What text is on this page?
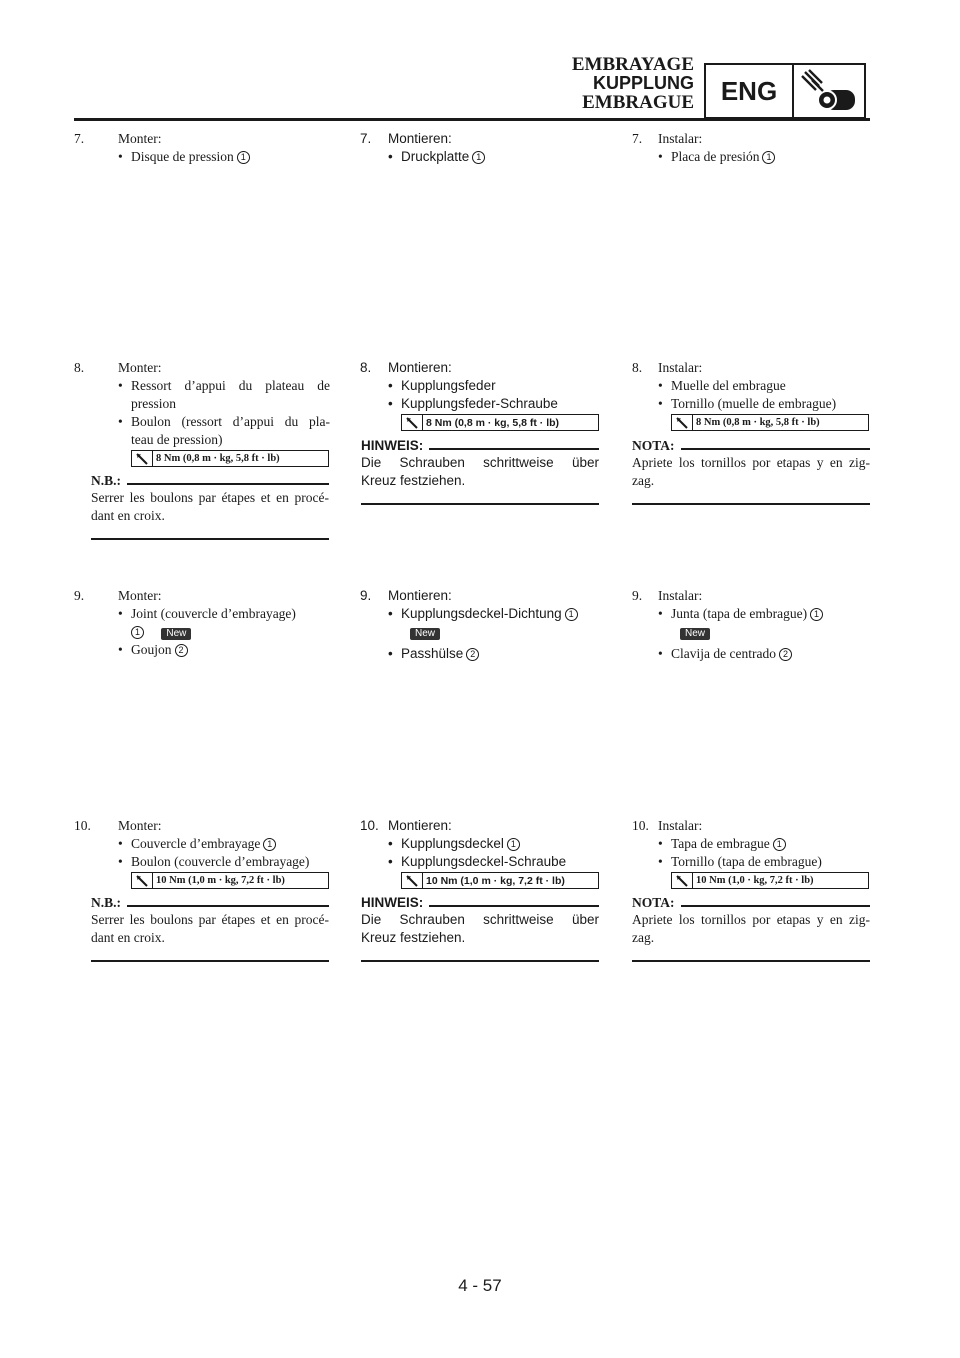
EMBRAYAGE
KUPPLUNG
EMBRAGUE	ENG
7.	Monter:
• Disque de pression 1
8.	Monter:
• Ressort d’appui du plateau de
pression
• Boulon (ressort d’appui du pla-
teau de pression)
8 Nm (0,8 m · kg, 5,8 ft · lb)
N.B.:
Serrer les boulons par étapes et en procé-
dant en croix.
9.	Monter:
• Joint (couvercle d’embrayage)
1	New
• Goujon 2
10.	Monter:
• Couvercle d’embrayage 1
• Boulon (couvercle d’embrayage)
10 Nm (1,0 m · kg, 7,2 ft · lb)
N.B.:
Serrer les boulons par étapes et en procé-
dant en croix.
7.	Montieren:
• Druckplatte 1
8.	Montieren:
• Kupplungsfeder
• Kupplungsfeder-Schraube
8 Nm (0,8 m · kg, 5,8 ft · lb)
HINWEIS:
Die Schrauben schrittweise über
Kreuz festziehen.
9.	Montieren:
• Kupplungsdeckel-Dichtung 1
New
• Passhülse 2
10. Montieren:
• Kupplungsdeckel 1
• Kupplungsdeckel-Schraube
10 Nm (1,0 m · kg, 7,2 ft · lb)
HINWEIS:
Die Schrauben schrittweise über
Kreuz festziehen.
7.	Instalar:
• Placa de presión 1
8.	Instalar:
• Muelle del embrague
• Tornillo (muelle de embrague)
8 Nm (0,8 m · kg, 5,8 ft · lb)
NOTA:
Apriete los tornillos por etapas y en zig-
zag.
9.	Instalar:
• Junta (tapa de embrague) 1
New
• Clavija de centrado 2
10. Instalar:
• Tapa de embrague 1
• Tornillo (tapa de embrague)
10 Nm (1,0 · kg, 7,2 ft · lb)
NOTA:
Apriete los tornillos por etapas y en zig-
zag.
4 - 57
